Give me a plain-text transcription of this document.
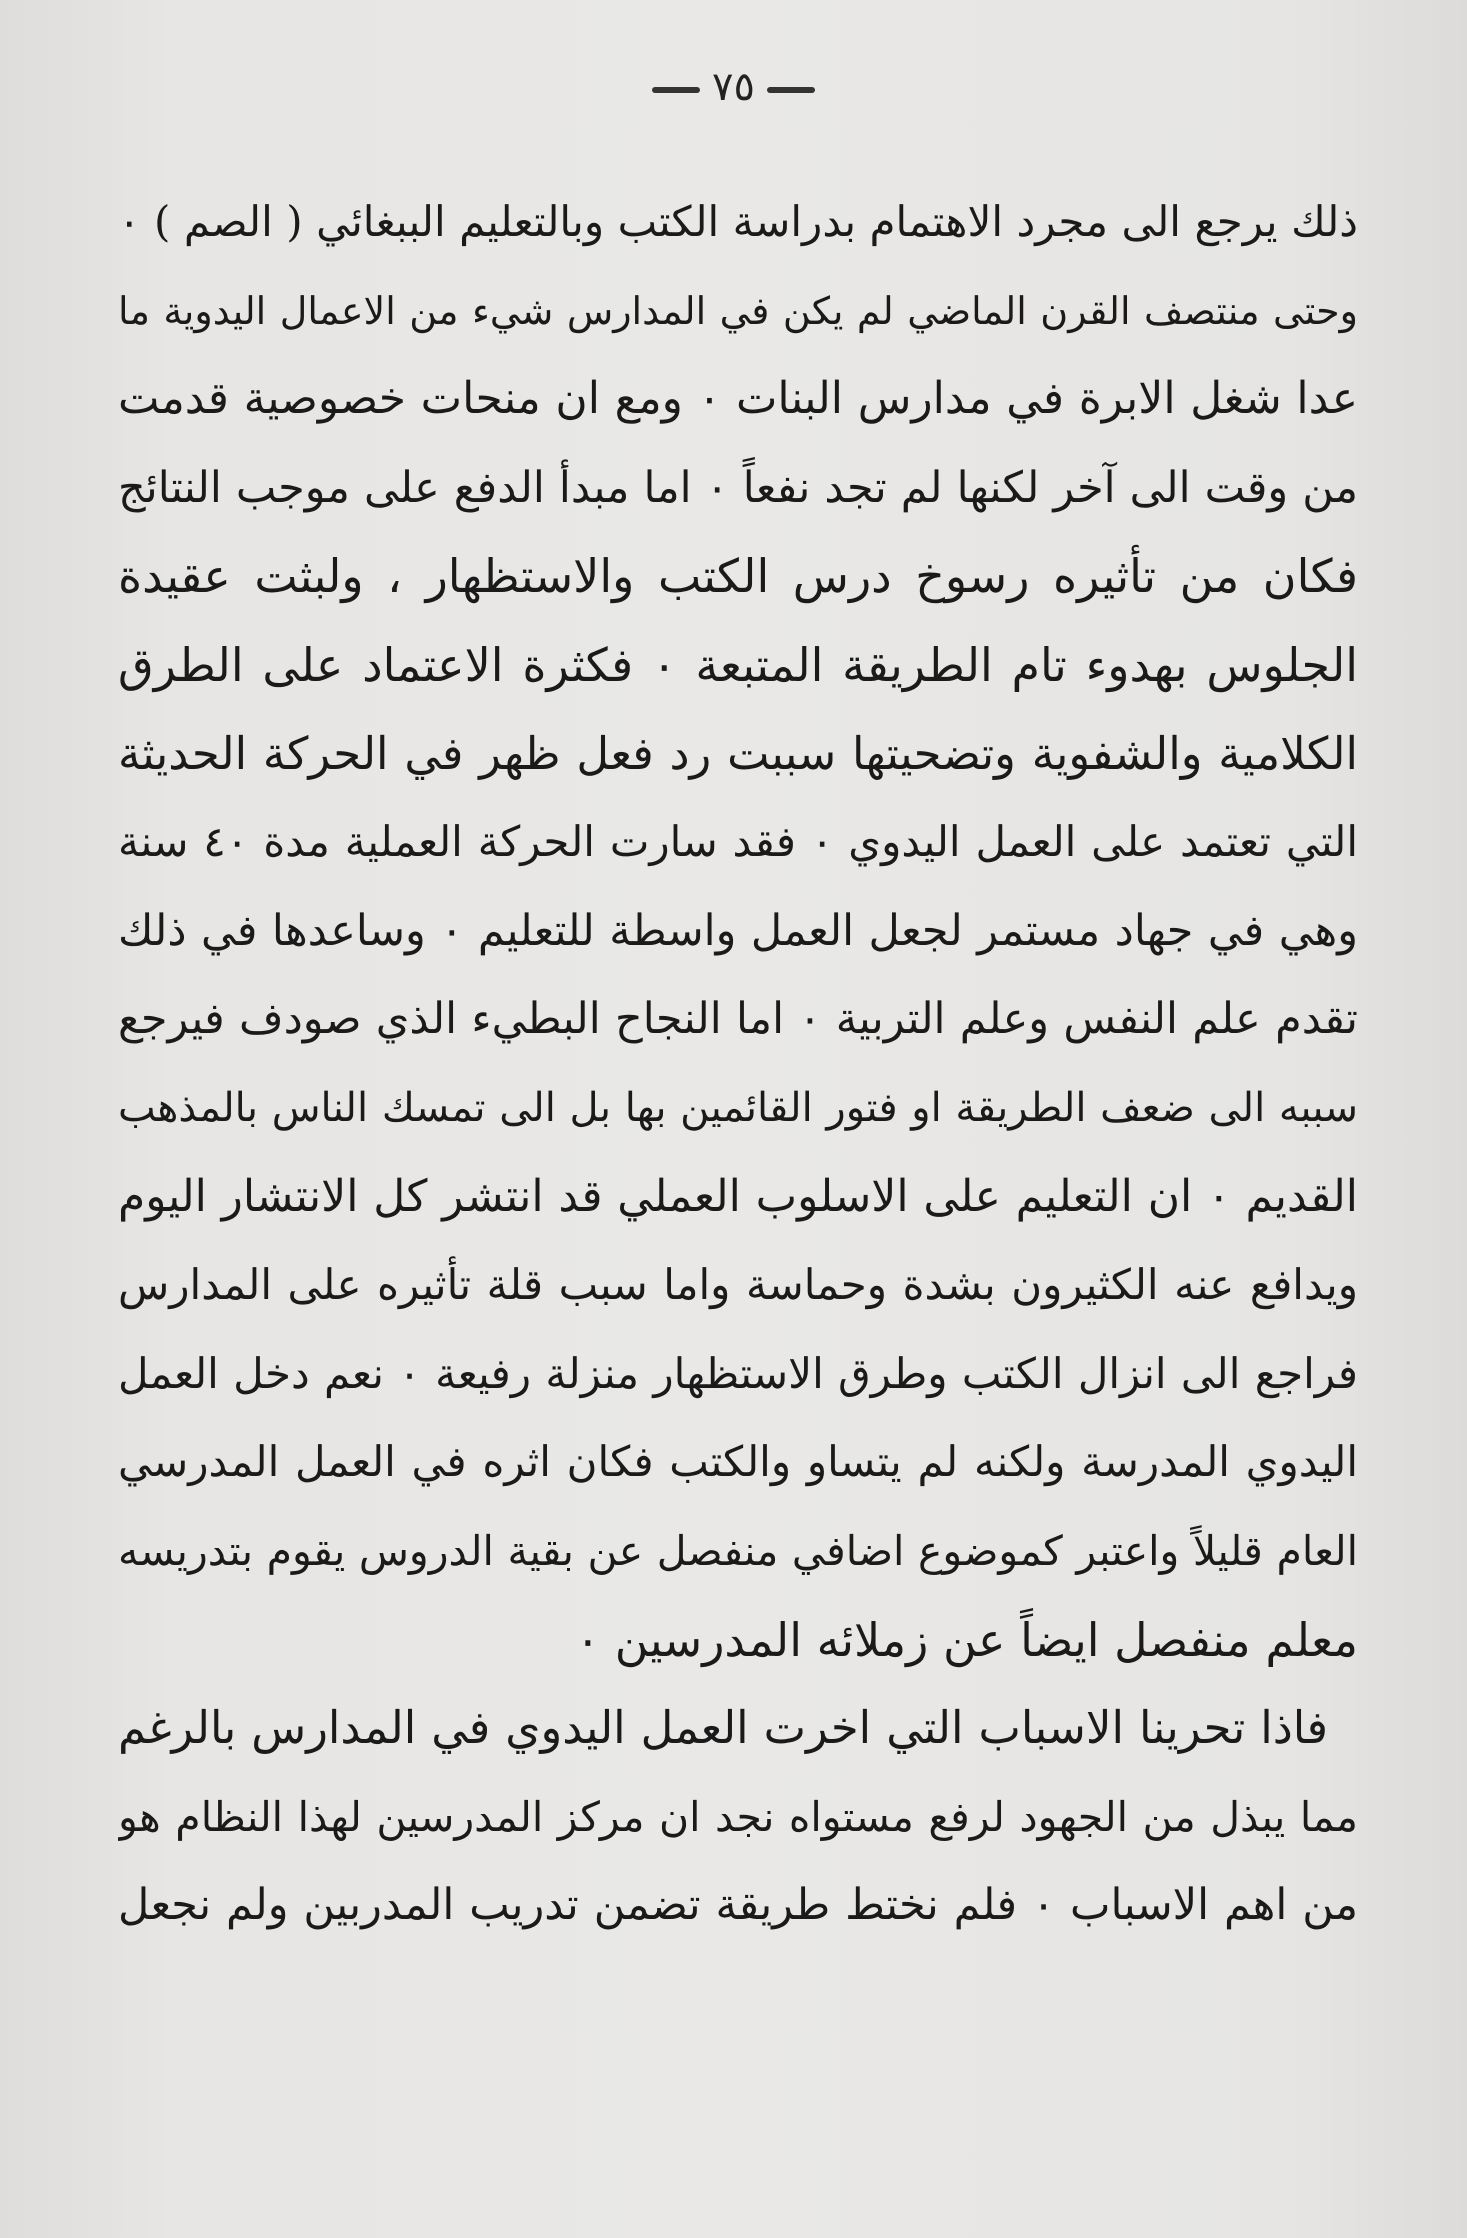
٧٥
ذلك يرجع الى مجرد الاهتمام بدراسة الكتب وبالتعليم الببغائي ( الصم ) ٠
وحتى منتصف القرن الماضي لم يكن في المدارس شيء من الاعمال اليدوية ما
عدا شغل الابرة في مدارس البنات ٠ ومع ان منحات خصوصية قدمت
من وقت الى آخر لكنها لم تجد نفعاً ٠ اما مبدأ الدفع على موجب النتائج
فكان من تأثيره رسوخ درس الكتب والاستظهار ، ولبثت عقيدة
الجلوس بهدوء تام الطريقة المتبعة ٠ فكثرة الاعتماد على الطرق
الكلامية والشفوية وتضحيتها سببت رد فعل ظهر في الحركة الحديثة
التي تعتمد على العمل اليدوي ٠ فقد سارت الحركة العملية مدة ٤٠ سنة
وهي في جهاد مستمر لجعل العمل واسطة للتعليم ٠ وساعدها في ذلك
تقدم علم النفس وعلم التربية ٠ اما النجاح البطيء الذي صودف فيرجع
سببه الى ضعف الطريقة او فتور القائمين بها بل الى تمسك الناس بالمذهب
القديم ٠ ان التعليم على الاسلوب العملي قد انتشر كل الانتشار اليوم
ويدافع عنه الكثيرون بشدة وحماسة واما سبب قلة تأثيره على المدارس
فراجع الى انزال الكتب وطرق الاستظهار منزلة رفيعة ٠ نعم دخل العمل
اليدوي المدرسة ولكنه لم يتساو والكتب فكان اثره في العمل المدرسي
العام قليلاً واعتبر كموضوع اضافي منفصل عن بقية الدروس يقوم بتدريسه
معلم منفصل ايضاً عن زملائه المدرسين ٠
فاذا تحرينا الاسباب التي اخرت العمل اليدوي في المدارس بالرغم
مما يبذل من الجهود لرفع مستواه نجد ان مركز المدرسين لهذا النظام هو
من اهم الاسباب ٠ فلم نختط طريقة تضمن تدريب المدربين ولم نجعل
